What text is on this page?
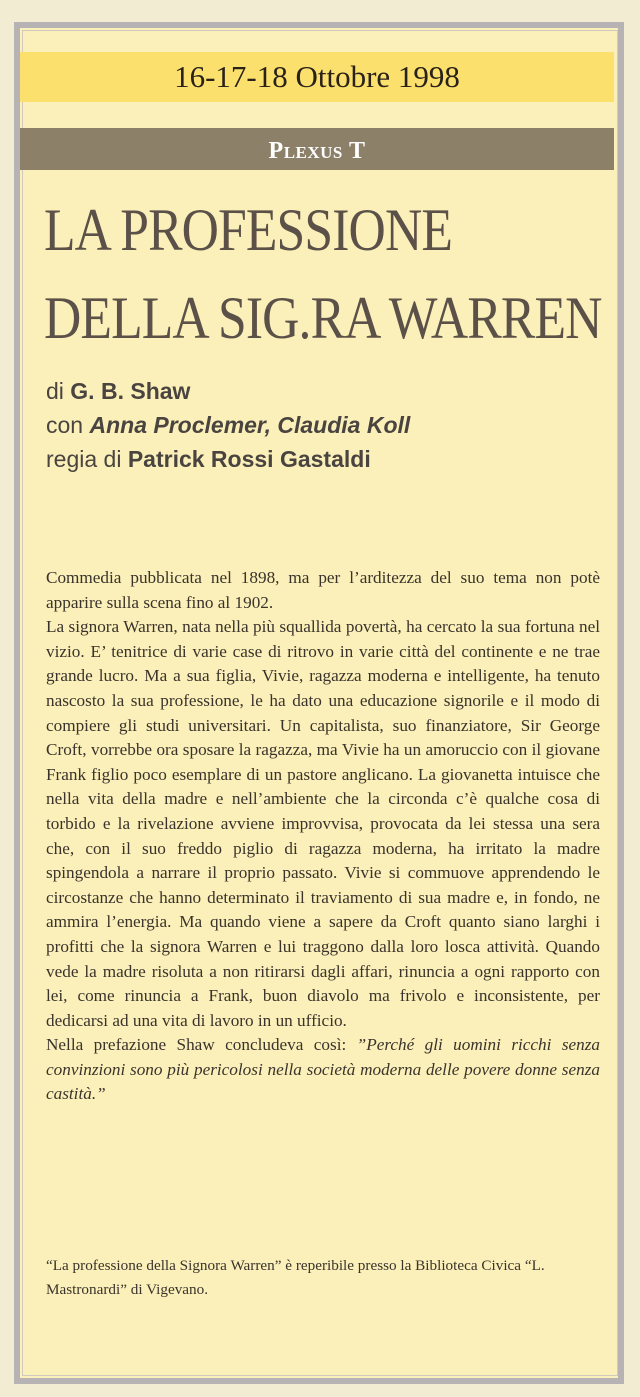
16-17-18 Ottobre 1998
Plexus T
LA PROFESSIONE
DELLA SIG.RA WARREN
di G. B. Shaw
con Anna Proclemer, Claudia Koll
regia di Patrick Rossi Gastaldi

Commedia pubblicata nel 1898, ma per l’arditezza del suo tema non potè apparire sulla scena fino al 1902.

La signora Warren, nata nella più squallida povertà, ha cercato la sua fortuna nel vizio. E’ tenitrice di varie case di ritrovo in varie città del continente e ne trae grande lucro. Ma a sua figlia, Vivie, ragazza moderna e intelligente, ha tenuto nascosto la sua professione, le ha dato una educazione signorile e il modo di compiere gli studi universitari. Un capitalista, suo finanziatore, Sir George Croft, vorrebbe ora sposare la ragazza, ma Vivie ha un amoruccio con il giovane Frank figlio poco esemplare di un pastore anglicano. La giovanetta intuisce che nella vita della madre e nell’ambiente che la circonda c’è qualche cosa di torbido e la rivelazione avviene improvvisa, provocata da lei stessa una sera che, con il suo freddo piglio di ragazza moderna, ha irritato la madre spingendola a narrare il proprio passato. Vivie si commuove apprendendo le circostanze che hanno determinato il traviamento di sua madre e, in fondo, ne ammira l’energia. Ma quando viene a sapere da Croft quanto siano larghi i profitti che la signora Warren e lui traggono dalla loro losca attività. Quando vede la madre risoluta a non ritirarsi dagli affari, rinuncia a ogni rapporto con lei, come rinuncia a Frank, buon diavolo ma frivolo e inconsistente, per dedicarsi ad una vita di lavoro in un ufficio.

Nella prefazione Shaw concludeva così: ”Perché gli uomini ricchi senza convinzioni sono più pericolosi nella società moderna delle povere donne senza castità.”

“La professione della Signora Warren” è reperibile presso la Biblioteca Civica “L. Mastronardi” di Vigevano.
